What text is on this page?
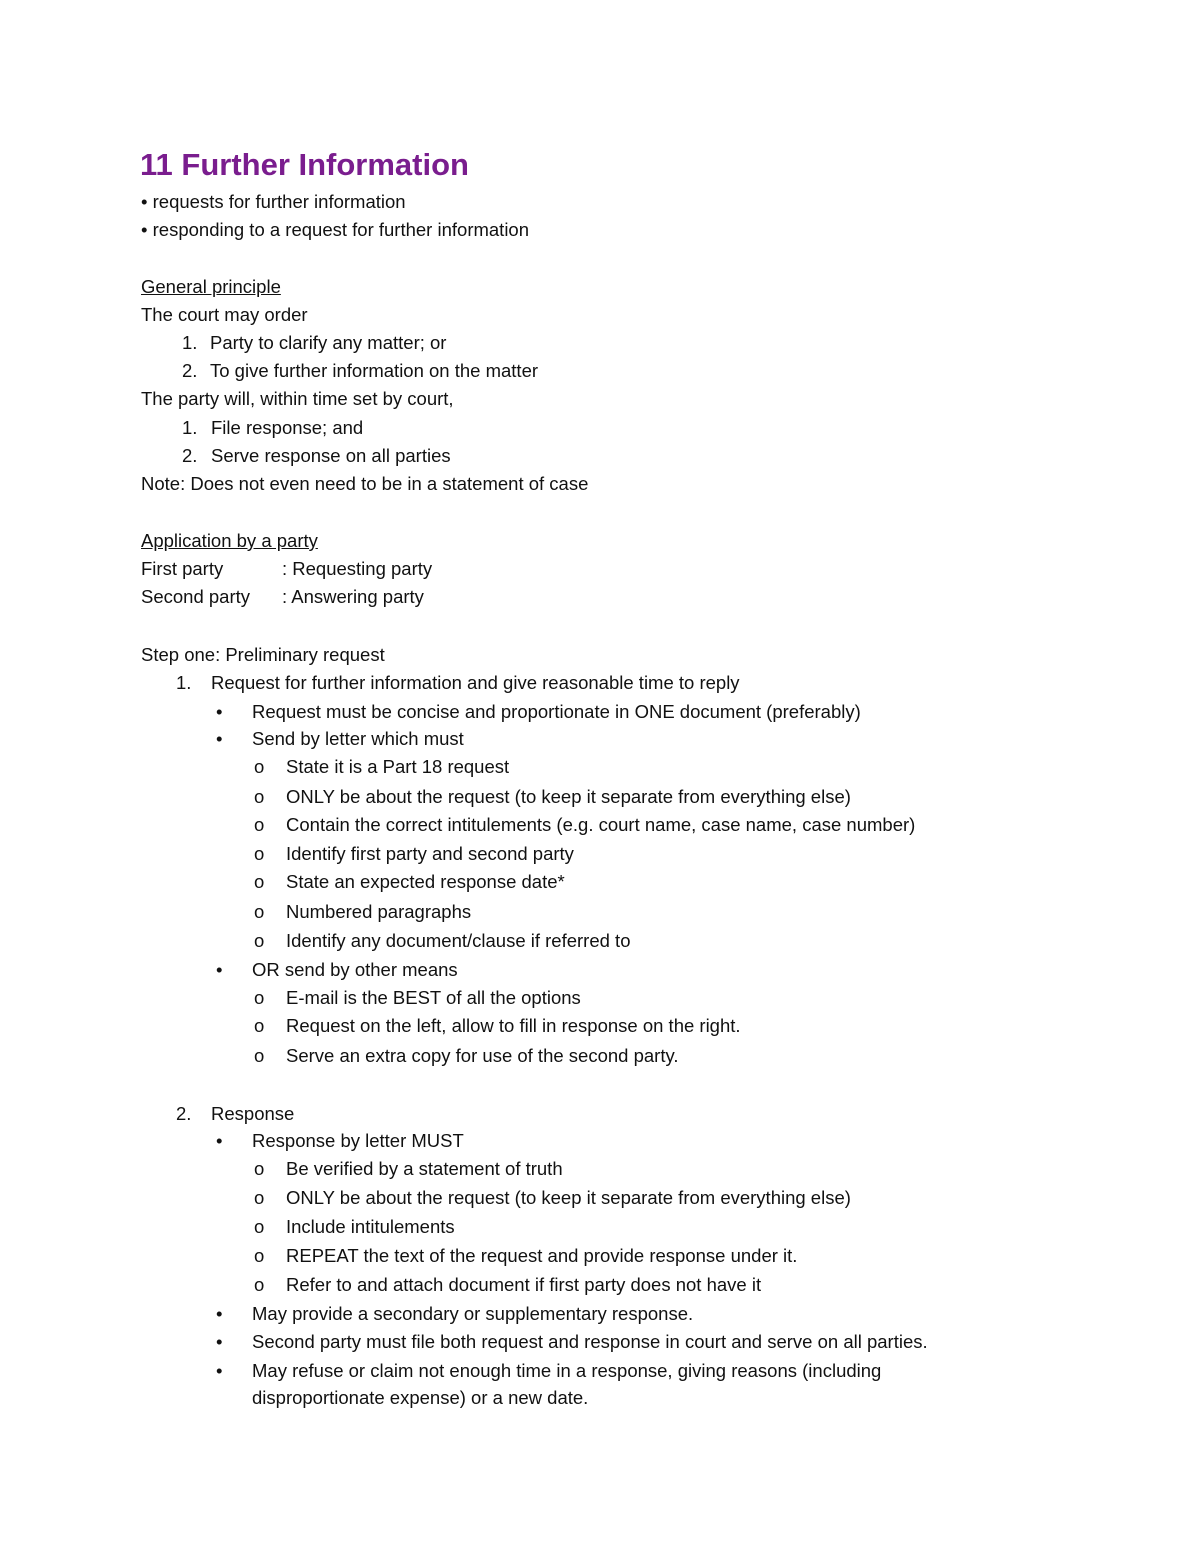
11 Further Information
• requests for further information
• responding to a request for further information
General principle
The court may order
1. Party to clarify any matter; or
2. To give further information on the matter
The party will, within time set by court,
1. File response; and
2. Serve response on all parties
Note: Does not even need to be in a statement of case
Application by a party
First party	: Requesting party
Second party : Answering party
Step one: Preliminary request
1. Request for further information and give reasonable time to reply
• Request must be concise and proportionate in ONE document (preferably)
• Send by letter which must
o State it is a Part 18 request
o ONLY be about the request (to keep it separate from everything else)
o Contain the correct intitulements (e.g. court name, case name, case number)
o Identify first party and second party
o State an expected response date*
o Numbered paragraphs
o Identify any document/clause if referred to
• OR send by other means
o E-mail is the BEST of all the options
o Request on the left, allow to fill in response on the right.
o Serve an extra copy for use of the second party.
2. Response
• Response by letter MUST
o Be verified by a statement of truth
o ONLY be about the request (to keep it separate from everything else)
o Include intitulements
o REPEAT the text of the request and provide response under it.
o Refer to and attach document if first party does not have it
• May provide a secondary or supplementary response.
• Second party must file both request and response in court and serve on all parties.
• May refuse or claim not enough time in a response, giving reasons (including
disproportionate expense) or a new date.
